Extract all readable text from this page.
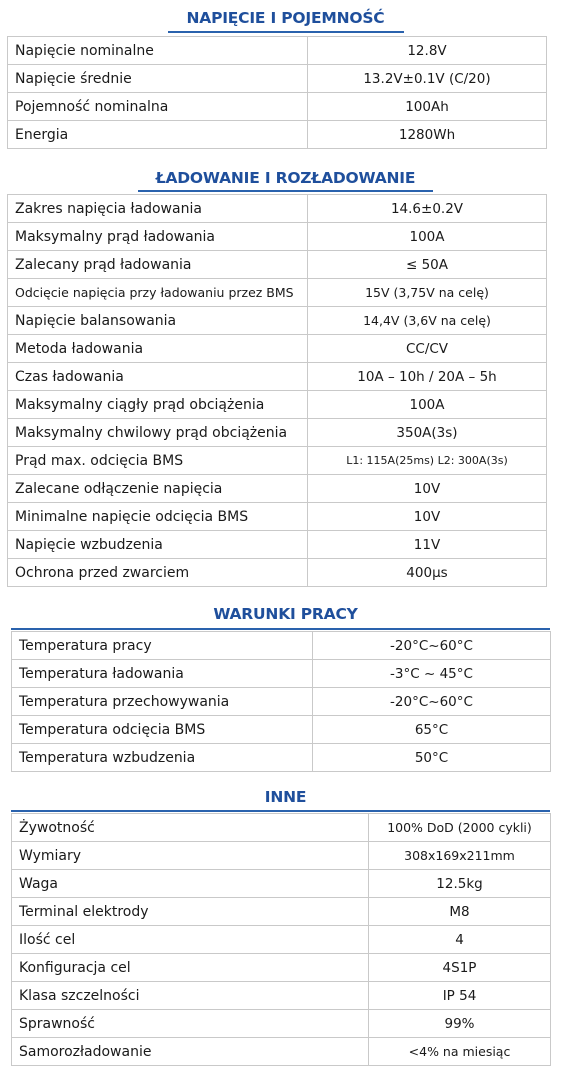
NAPIĘCIE I POJEMNOŚĆ
Napięcie nominalne	12.8V
Napięcie średnie	13.2V±0.1V (C/20)
Pojemność nominalna	100Ah
Energia	1280Wh
ŁADOWANIE I ROZŁADOWANIE
Zakres napięcia ładowania	14.6±0.2V
Maksymalny prąd ładowania	100A
Zalecany prąd ładowania	≤ 50A
Odcięcie napięcia przy ładowaniu przez BMS	15V (3,75V na celę)
Napięcie balansowania	14,4V (3,6V na celę)
Metoda ładowania	CC/CV
Czas ładowania	10A – 10h / 20A – 5h
Maksymalny ciągły prąd obciążenia	100A
Maksymalny chwilowy prąd obciążenia	350A(3s)
Prąd max. odcięcia BMS	L1: 115A(25ms) L2: 300A(3s)
Zalecane odłączenie napięcia	10V
Minimalne napięcie odcięcia BMS	10V
Napięcie wzbudzenia	11V
Ochrona przed zwarciem	400μs
WARUNKI PRACY
Temperatura pracy	-20°C~60°C
Temperatura ładowania	-3°C ~ 45°C
Temperatura przechowywania	-20°C~60°C
Temperatura odcięcia BMS	65°C
Temperatura wzbudzenia	50°C
INNE
Żywotność	100% DoD (2000 cykli)
Wymiary	308x169x211mm
Waga	12.5kg
Terminal elektrody	M8
Ilość cel	4
Konfiguracja cel	4S1P
Klasa szczelności	IP 54
Sprawność	99%
Samorozładowanie	<4% na miesiąc
